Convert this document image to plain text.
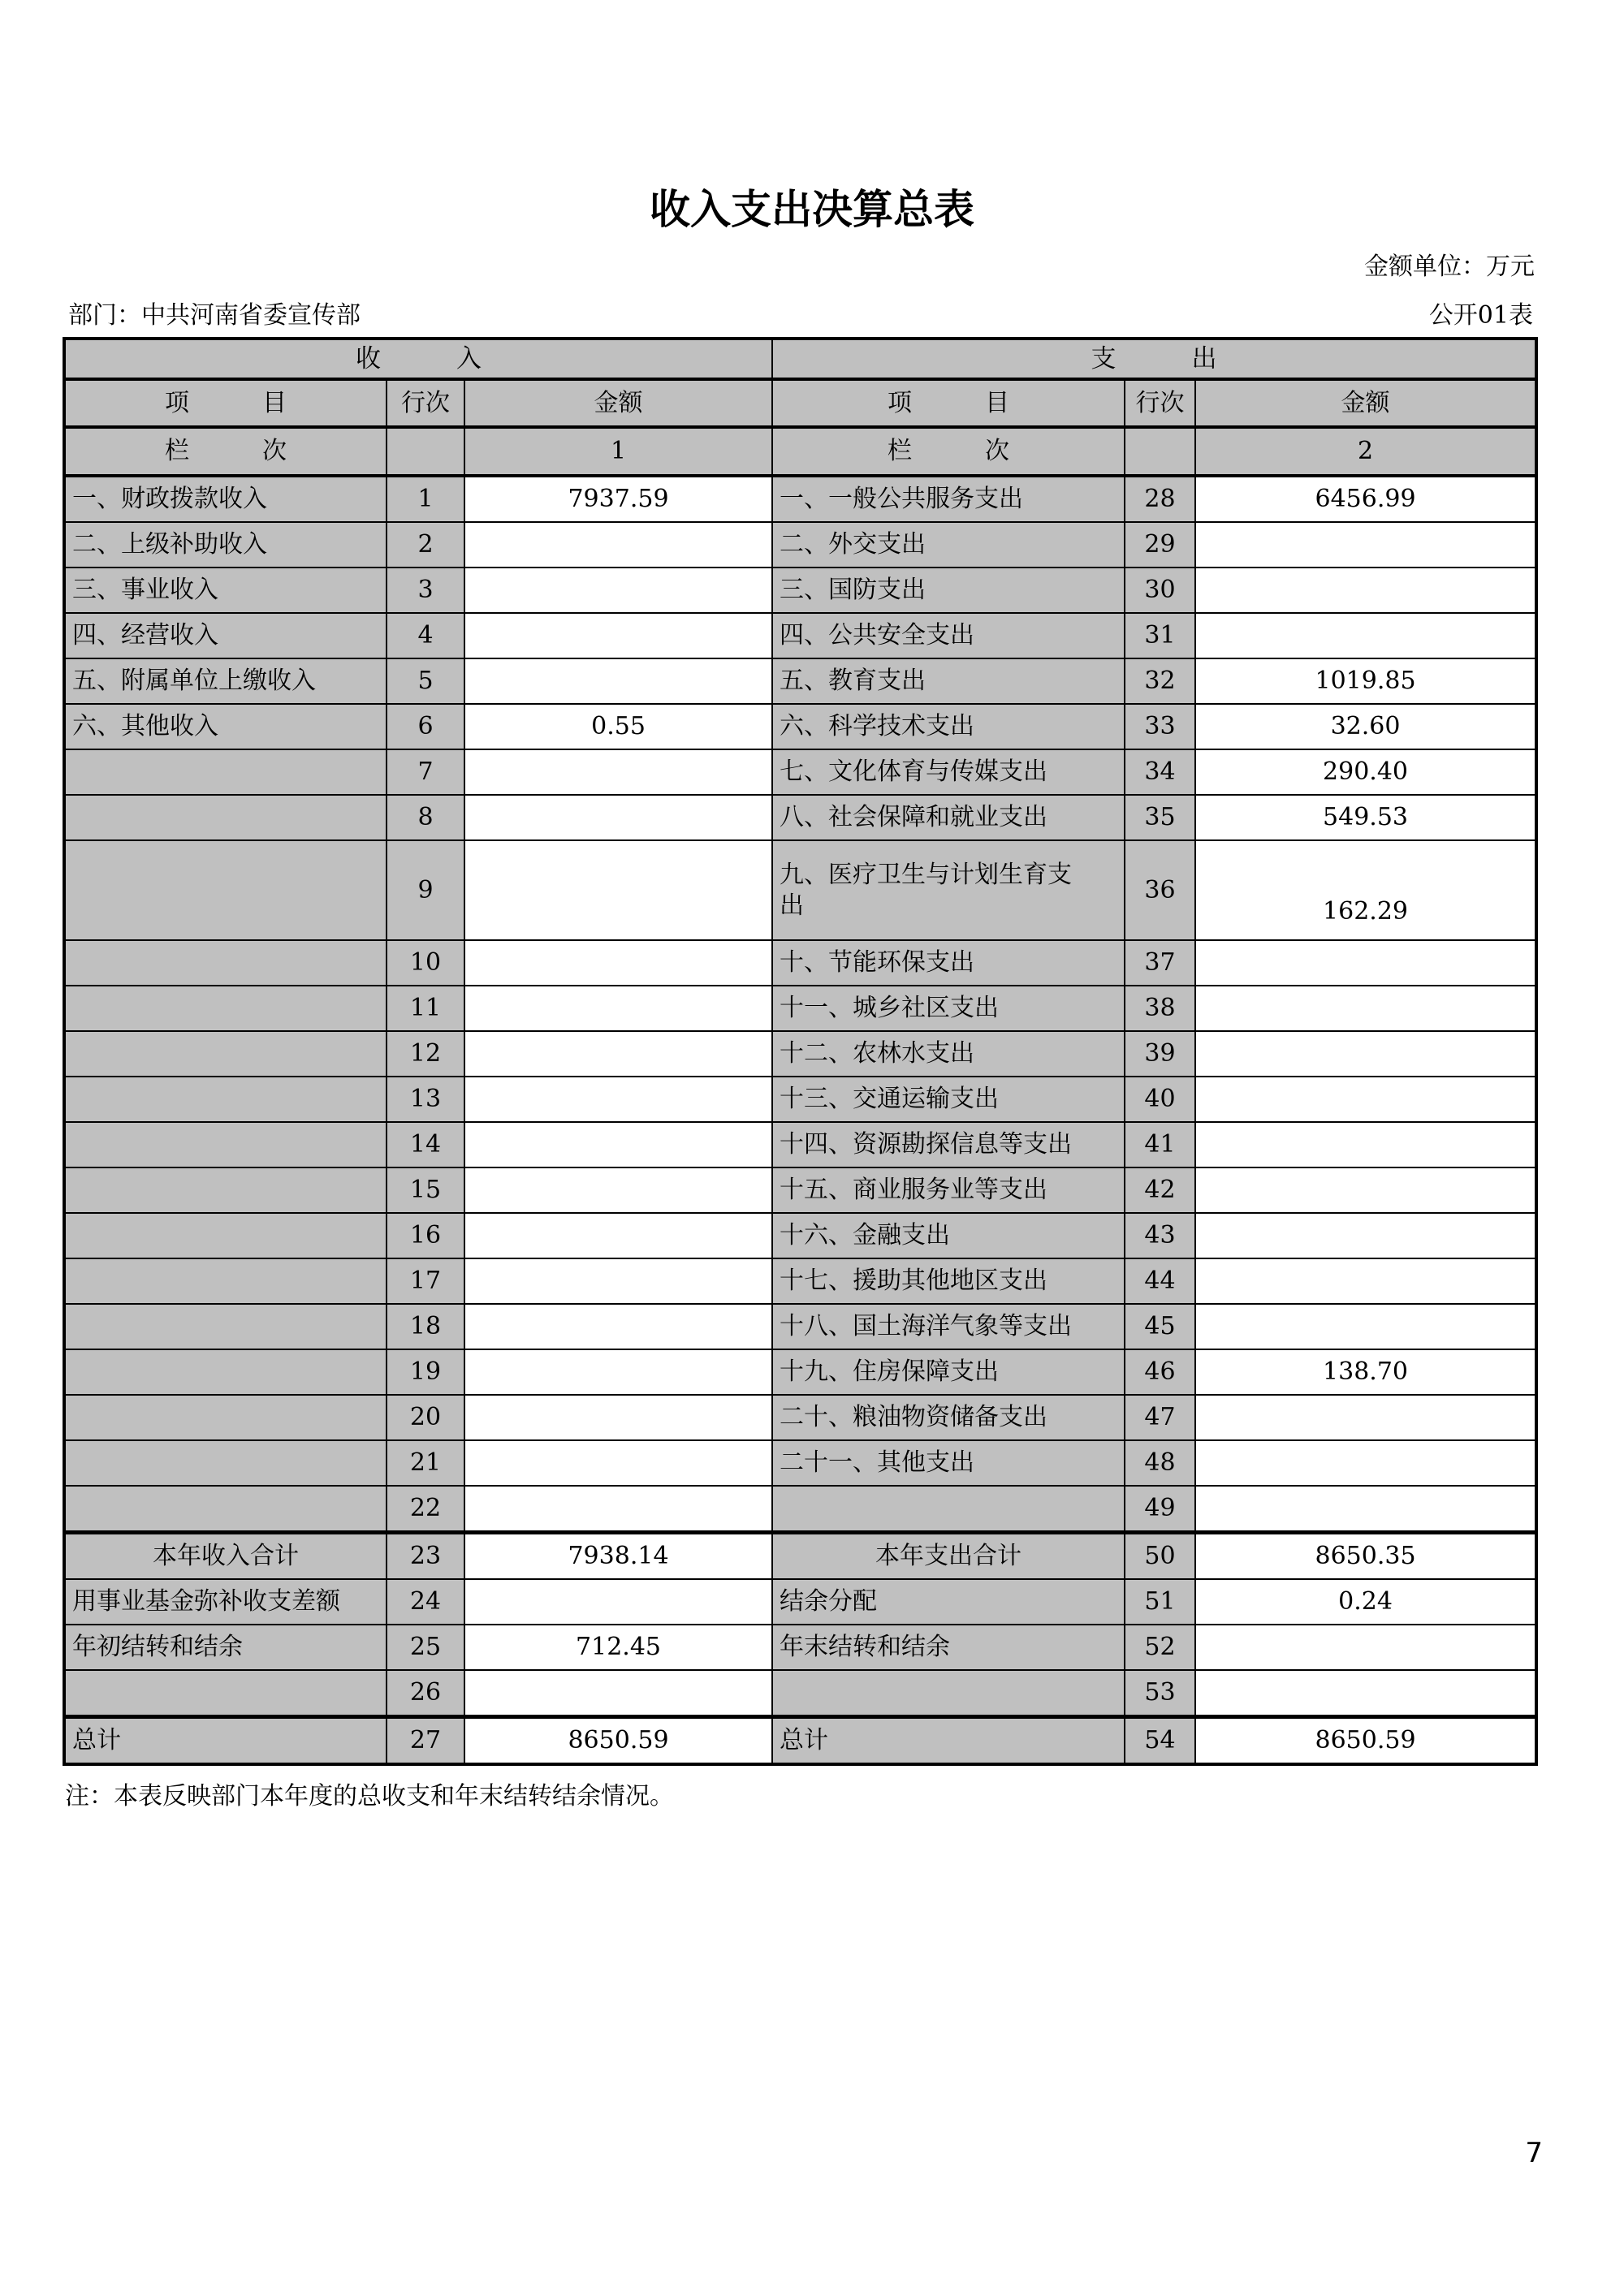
收入支出决算总表
金额单位：万元
部门：中共河南省委宣传部	公开01表
收　　　入			支　　　出		
项　　　目	行次	金额	项　　　目	行次	金额
栏　　　次		1	栏　　　次		2
一、财政拨款收入	1	7937.59	一、一般公共服务支出	28	6456.99
二、上级补助收入	2		二、外交支出	29	
三、事业收入	3		三、国防支出	30	
四、经营收入	4		四、公共安全支出	31	
五、附属单位上缴收入	5		五、教育支出	32	1019.85
六、其他收入	6	0.55	六、科学技术支出	33	32.60
	7		七、文化体育与传媒支出	34	290.40
	8		八、社会保障和就业支出	35	549.53
	9		九、医疗卫生与计划生育支出	36	162.29
	10		十、节能环保支出	37	
	11		十一、城乡社区支出	38	
	12		十二、农林水支出	39	
	13		十三、交通运输支出	40	
	14		十四、资源勘探信息等支出	41	
	15		十五、商业服务业等支出	42	
	16		十六、金融支出	43	
	17		十七、援助其他地区支出	44	
	18		十八、国土海洋气象等支出	45	
	19		十九、住房保障支出	46	138.70
	20		二十、粮油物资储备支出	47	
	21		二十一、其他支出	48	
	22			49	
本年收入合计	23	7938.14	本年支出合计	50	8650.35
用事业基金弥补收支差额	24		结余分配	51	0.24
年初结转和结余	25	712.45	年末结转和结余	52	
	26			53	
总计	27	8650.59	总计	54	8650.59
注：本表反映部门本年度的总收支和年末结转结余情况。
7
